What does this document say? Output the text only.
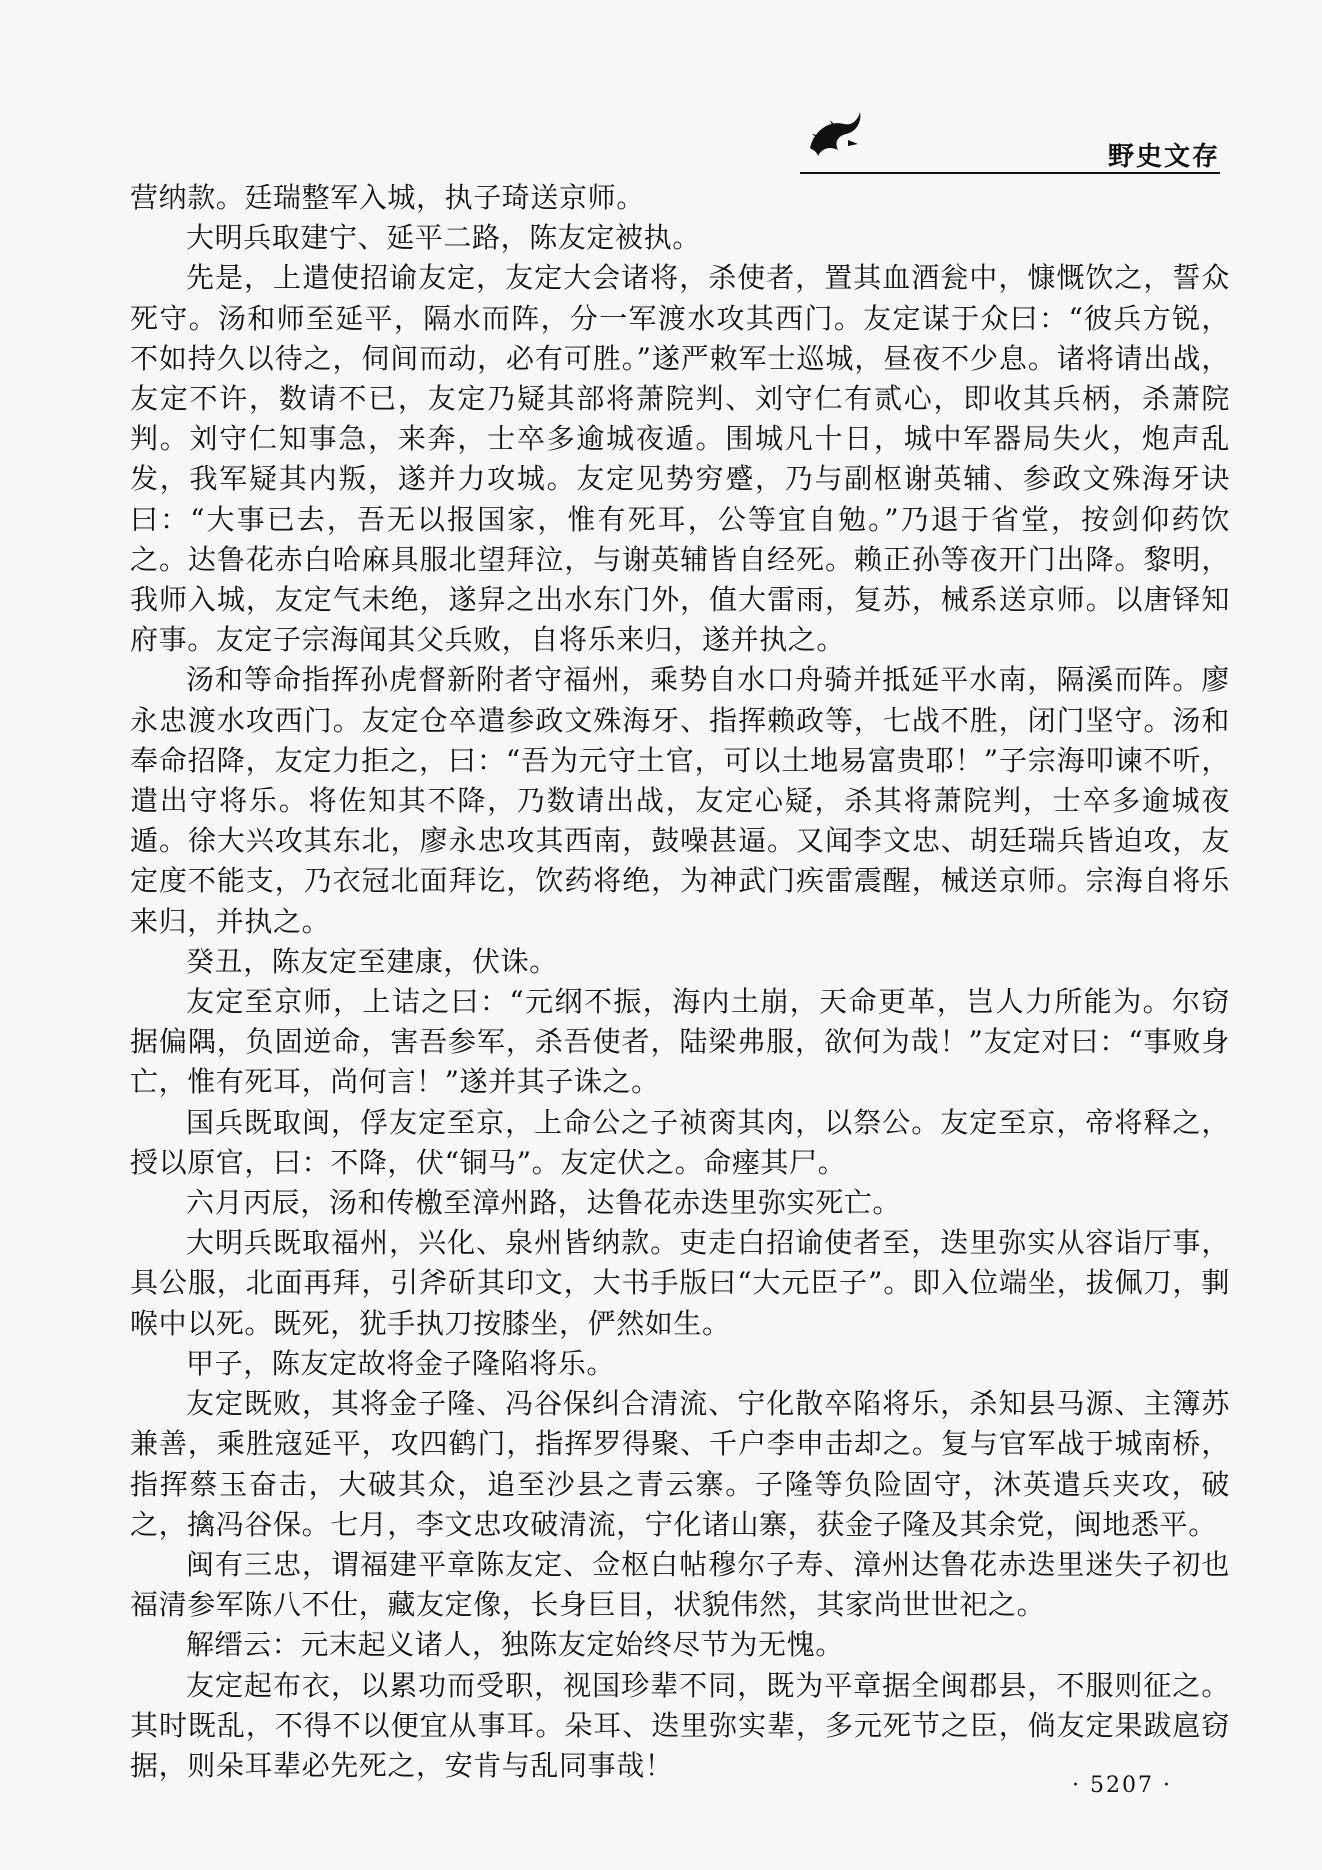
野史文存

营纳款。廷瑞整军入城，执子琦送京师。

大明兵取建宁、延平二路，陈友定被执。

先是，上遣使招谕友定，友定大会诸将，杀使者，置其血酒瓮中，慷慨饮之，誓众死守。汤和师至延平，隔水而阵，分一军渡水攻其西门。友定谋于众曰：“彼兵方锐，不如持久以待之，伺间而动，必有可胜。”遂严敕军士巡城，昼夜不少息。诸将请出战，友定不许，数请不已，友定乃疑其部将萧院判、刘守仁有贰心，即收其兵柄，杀萧院判。刘守仁知事急，来奔，士卒多逾城夜遁。围城凡十日，城中军器局失火，炮声乱发，我军疑其内叛，遂并力攻城。友定见势穷蹙，乃与副枢谢英辅、参政文殊海牙诀曰：“大事已去，吾无以报国家，惟有死耳，公等宜自勉。”乃退于省堂，按剑仰药饮之。达鲁花赤白哈麻具服北望拜泣，与谢英辅皆自经死。赖正孙等夜开门出降。黎明，我师入城，友定气未绝，遂舁之出水东门外，值大雷雨，复苏，械系送京师。以唐铎知府事。友定子宗海闻其父兵败，自将乐来归，遂并执之。

汤和等命指挥孙虎督新附者守福州，乘势自水口舟骑并抵延平水南，隔溪而阵。廖永忠渡水攻西门。友定仓卒遣参政文殊海牙、指挥赖政等，七战不胜，闭门坚守。汤和奉命招降，友定力拒之，曰：“吾为元守土官，可以土地易富贵耶！”子宗海叩谏不听，遣出守将乐。将佐知其不降，乃数请出战，友定心疑，杀其将萧院判，士卒多逾城夜遁。徐大兴攻其东北，廖永忠攻其西南，鼓噪甚逼。又闻李文忠、胡廷瑞兵皆迫攻，友定度不能支，乃衣冠北面拜讫，饮药将绝，为神武门疾雷震醒，械送京师。宗海自将乐来归，并执之。

癸丑，陈友定至建康，伏诛。

友定至京师，上诘之曰：“元纲不振，海内土崩，天命更革，岂人力所能为。尔窃据偏隅，负固逆命，害吾参军，杀吾使者，陆梁弗服，欲何为哉！”友定对曰：“事败身亡，惟有死耳，尚何言！”遂并其子诛之。

国兵既取闽，俘友定至京，上命公之子祯脔其肉，以祭公。友定至京，帝将释之，授以原官，曰：不降，伏“铜马”。友定伏之。命瘗其尸。

六月丙辰，汤和传檄至漳州路，达鲁花赤迭里弥实死亡。

大明兵既取福州，兴化、泉州皆纳款。吏走白招谕使者至，迭里弥实从容诣厅事，具公服，北面再拜，引斧斫其印文，大书手版曰“大元臣子”。即入位端坐，拔佩刀，剚喉中以死。既死，犹手执刀按膝坐，俨然如生。

甲子，陈友定故将金子隆陷将乐。

友定既败，其将金子隆、冯谷保纠合清流、宁化散卒陷将乐，杀知县马源、主簿苏兼善，乘胜寇延平，攻四鹤门，指挥罗得聚、千户李申击却之。复与官军战于城南桥，指挥蔡玉奋击，大破其众，追至沙县之青云寨。子隆等负险固守，沐英遣兵夹攻，破之，擒冯谷保。七月，李文忠攻破清流，宁化诸山寨，获金子隆及其余党，闽地悉平。

闽有三忠，谓福建平章陈友定、佥枢白帖穆尔子寿、漳州达鲁花赤迭里迷失子初也福清参军陈八不仕，藏友定像，长身巨目，状貌伟然，其家尚世世祀之。

解缙云：元末起义诸人，独陈友定始终尽节为无愧。

友定起布衣，以累功而受职，视国珍辈不同，既为平章据全闽郡县，不服则征之。其时既乱，不得不以便宜从事耳。朵耳、迭里弥实辈，多元死节之臣，倘友定果跋扈窃据，则朵耳辈必先死之，安肯与乱同事哉！

· 5207 ·
